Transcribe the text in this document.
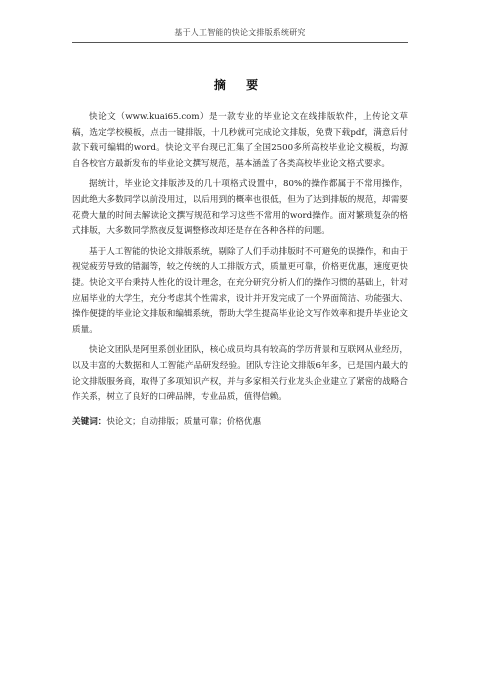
基于人工智能的快论文排版系统研究
摘 要

快论文（www.kuai65.com）是一款专业的毕业论文在线排版软件，上传论文草稿，选定学校模板，点击一键排版，十几秒就可完成论文排版，免费下载pdf，满意后付款下载可编辑的word。快论文平台现已汇集了全国2500多所高校毕业论文模板，均源自各校官方最新发布的毕业论文撰写规范，基本涵盖了各类高校毕业论文格式要求。

据统计，毕业论文排版涉及的几十项格式设置中，80%的操作都属于不常用操作，因此绝大多数同学以前没用过，以后用到的概率也很低，但为了达到排版的规范，却需要花费大量的时间去解读论文撰写规范和学习这些不常用的word操作。面对繁琐复杂的格式排版，大多数同学熬夜反复调整修改却还是存在各种各样的问题。

基于人工智能的快论文排版系统，剔除了人们手动排版时不可避免的误操作，和由于视觉疲劳导致的错漏等，较之传统的人工排版方式，质量更可靠，价格更优惠，速度更快捷。快论文平台秉持人性化的设计理念，在充分研究分析人们的操作习惯的基础上，针对应届毕业的大学生，充分考虑其个性需求，设计并开发完成了一个界面简洁、功能强大、操作便捷的毕业论文排版和编辑系统，帮助大学生提高毕业论文写作效率和提升毕业论文质量。

快论文团队是阿里系创业团队，核心成员均具有较高的学历背景和互联网从业经历，以及丰富的大数据和人工智能产品研发经验。团队专注论文排版6年多，已是国内最大的论文排版服务商，取得了多项知识产权，并与多家相关行业龙头企业建立了紧密的战略合作关系，树立了良好的口碑品牌，专业品质，值得信赖。

关键词：快论文；自动排版；质量可靠；价格优惠
